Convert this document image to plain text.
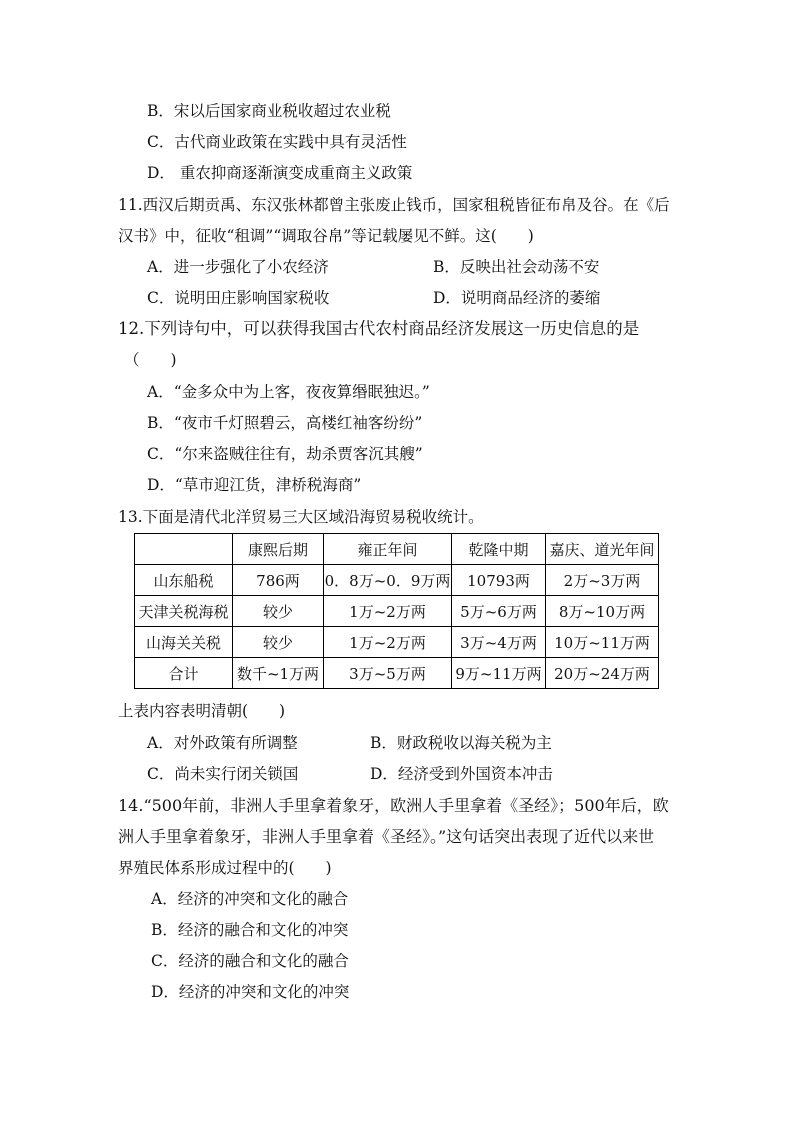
B．宋以后国家商业税收超过农业税
C．古代商业政策在实践中具有灵活性
D． 重农抑商逐渐演变成重商主义政策
11.西汉后期贡禹、东汉张林都曾主张废止钱币，国家租税皆征布帛及谷。在《后
汉书》中，征收“租调”“调取谷帛”等记载屡见不鲜。这(　　)
A．进一步强化了小农经济	B．反映出社会动荡不安
C．说明田庄影响国家税收	D．说明商品经济的萎缩
12.下列诗句中，可以获得我国古代农村商品经济发展这一历史信息的是
（　　)
A．“金多众中为上客，夜夜算缗眠独迟。”
B．“夜市千灯照碧云，高楼红袖客纷纷”
C．“尔来盗贼往往有，劫杀贾客沉其艘”
D．“草市迎江货，津桥税海商”
13.下面是清代北洋贸易三大区域沿海贸易税收统计。
	康熙后期	雍正年间	乾隆中期	嘉庆、道光年间
山东船税	786两	0．8万~0．9万两	10793两	2万~3万两
天津关税海税	较少	1万~2万两	5万~6万两	8万~10万两
山海关关税	较少	1万~2万两	3万~4万两	10万~11万两
合计	数千~1万两	3万~5万两	9万~11万两	20万~24万两
上表内容表明清朝(　　)
A．对外政策有所调整	B．财政税收以海关税为主
C．尚未实行闭关锁国	D．经济受到外国资本冲击
14.“500年前，非洲人手里拿着象牙，欧洲人手里拿着《圣经》；500年后，欧
洲人手里拿着象牙，非洲人手里拿着《圣经》。”这句话突出表现了近代以来世
界殖民体系形成过程中的(　　)
A．经济的冲突和文化的融合
B．经济的融合和文化的冲突
C．经济的融合和文化的融合
D．经济的冲突和文化的冲突
